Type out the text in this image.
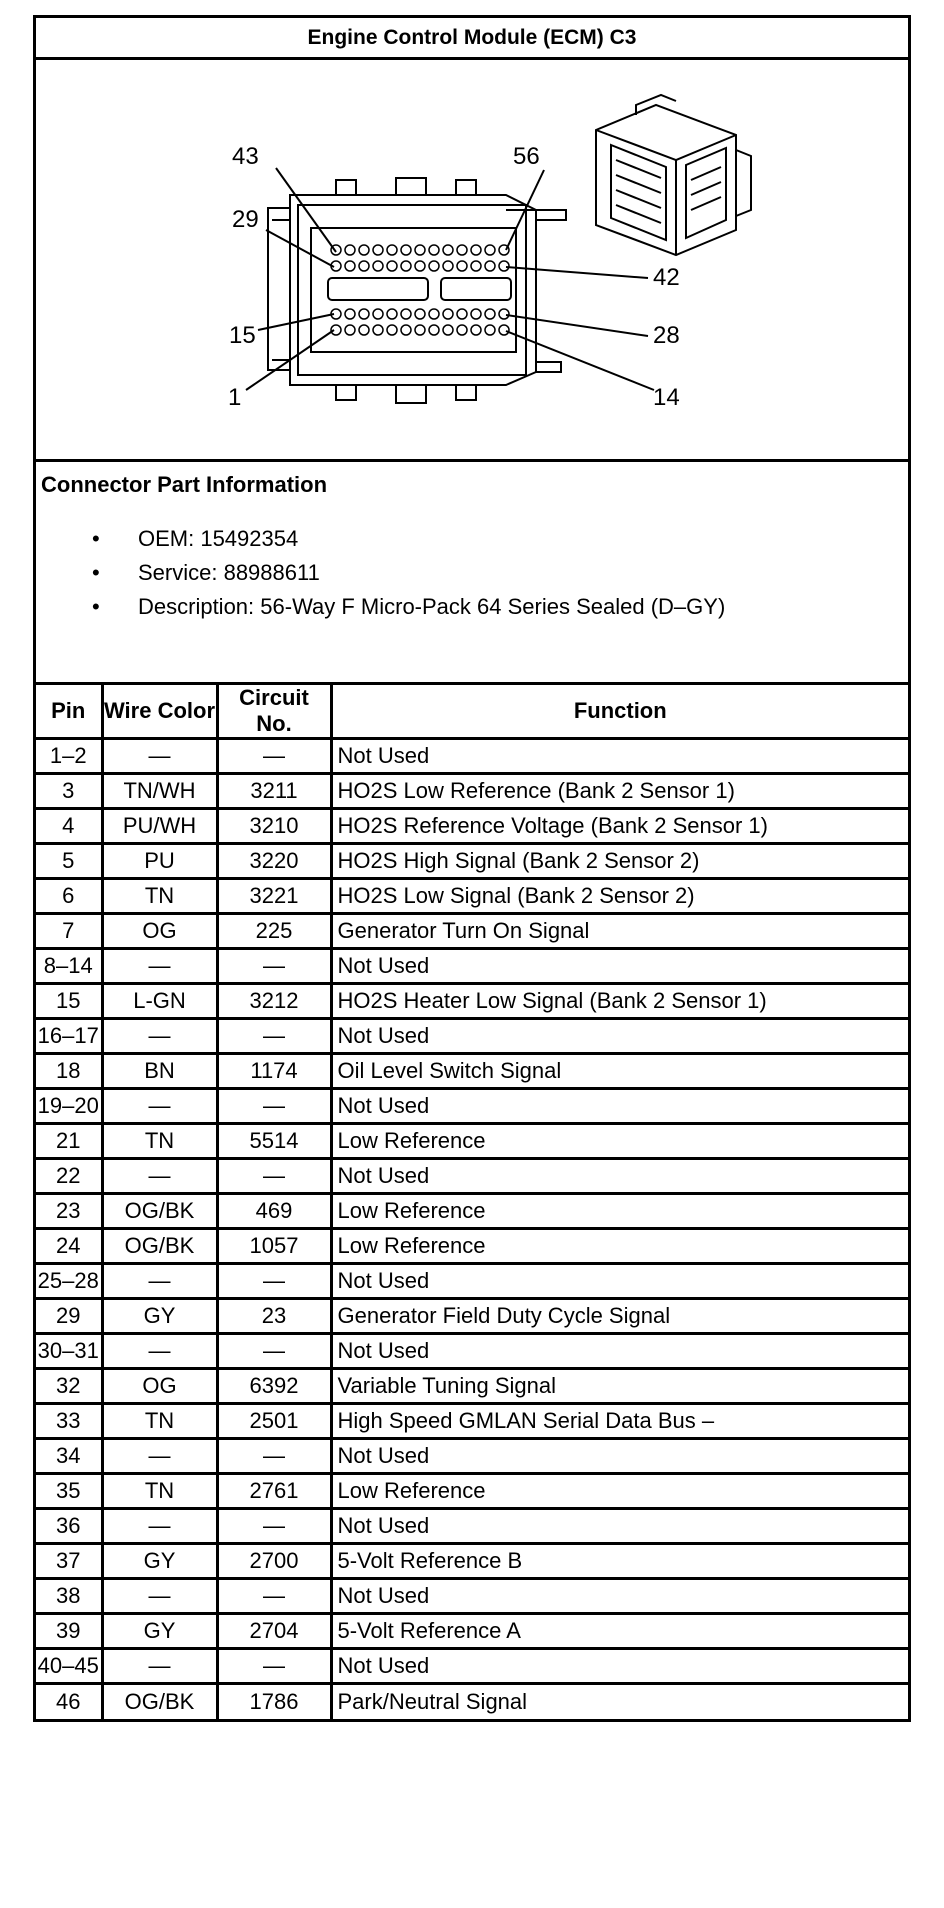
Engine Control Module (ECM) C3
43	56
29
42
15	28
1	14
Connector Part Information
• OEM: 15492354
• Service: 88988611
• Description: 56-Way F Micro-Pack 64 Series Sealed (D–GY)
Pin	Wire Color	Circuit No.	Function
1–2	—	—	Not Used
3	TN/WH	3211	HO2S Low Reference (Bank 2 Sensor 1)
4	PU/WH	3210	HO2S Reference Voltage (Bank 2 Sensor 1)
5	PU	3220	HO2S High Signal (Bank 2 Sensor 2)
6	TN	3221	HO2S Low Signal (Bank 2 Sensor 2)
7	OG	225	Generator Turn On Signal
8–14	—	—	Not Used
15	L-GN	3212	HO2S Heater Low Signal (Bank 2 Sensor 1)
16–17	—	—	Not Used
18	BN	1174	Oil Level Switch Signal
19–20	—	—	Not Used
21	TN	5514	Low Reference
22	—	—	Not Used
23	OG/BK	469	Low Reference
24	OG/BK	1057	Low Reference
25–28	—	—	Not Used
29	GY	23	Generator Field Duty Cycle Signal
30–31	—	—	Not Used
32	OG	6392	Variable Tuning Signal
33	TN	2501	High Speed GMLAN Serial Data Bus –
34	—	—	Not Used
35	TN	2761	Low Reference
36	—	—	Not Used
37	GY	2700	5-Volt Reference B
38	—	—	Not Used
39	GY	2704	5-Volt Reference A
40–45	—	—	Not Used
46	OG/BK	1786	Park/Neutral Signal
